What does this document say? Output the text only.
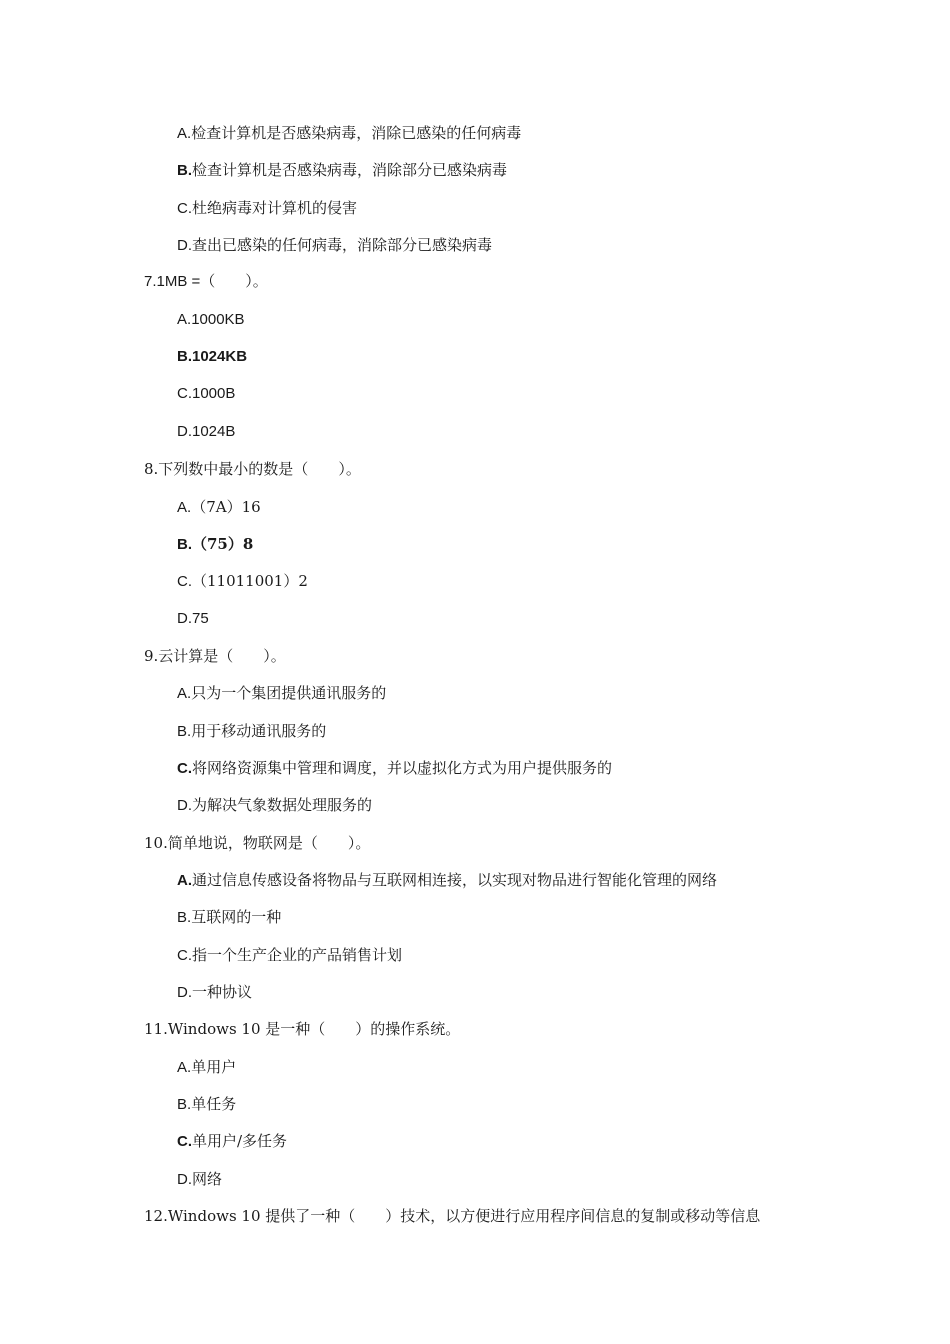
A.检查计算机是否感染病毒，消除已感染的任何病毒
B.检查计算机是否感染病毒，消除部分已感染病毒
C.杜绝病毒对计算机的侵害
D.查出已感染的任何病毒，消除部分已感染病毒
7.1MB =（　　）。
A.1000KB
B.1024KB
C.1000B
D.1024B
8.下列数中最小的数是（　　）。
A.（7A）16
B.（75）8
C.（11011001）2
D.75
9.云计算是（　　）。
A.只为一个集团提供通讯服务的
B.用于移动通讯服务的
C.将网络资源集中管理和调度，并以虚拟化方式为用户提供服务的
D.为解决气象数据处理服务的
10.简单地说，物联网是（　　）。
A.通过信息传感设备将物品与互联网相连接，以实现对物品进行智能化管理的网络
B.互联网的一种
C.指一个生产企业的产品销售计划
D.一种协议
11.Windows 10 是一种（　　）的操作系统。
A.单用户
B.单任务
C.单用户/多任务
D.网络
12.Windows 10 提供了一种（　　）技术，以方便进行应用程序间信息的复制或移动等信息
